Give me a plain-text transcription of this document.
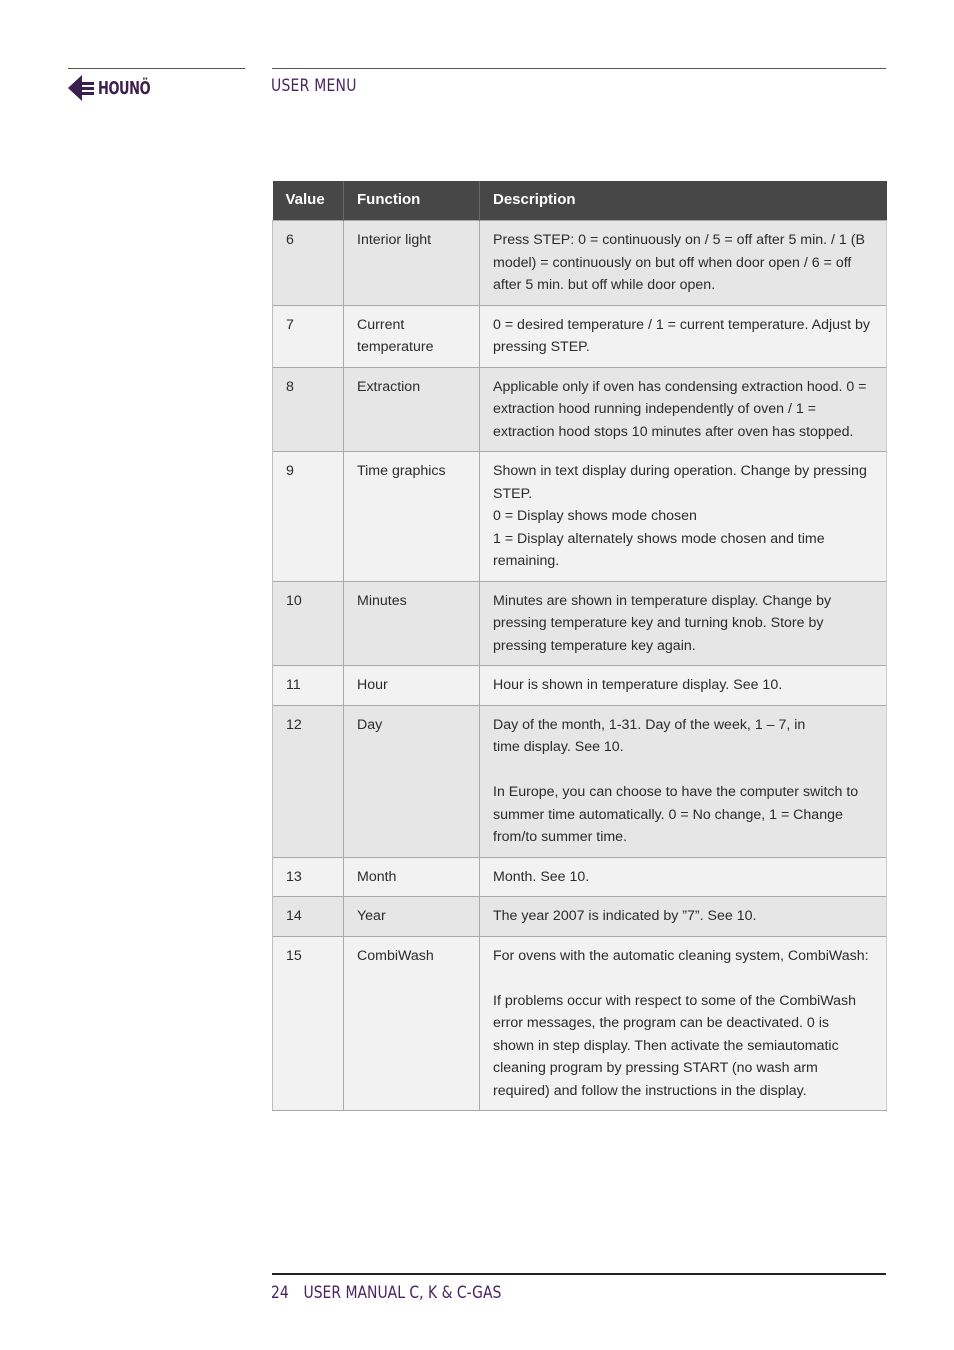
HOUNÖ	USER MENU
Value	Function	Description
6	Interior light	Press STEP: 0 = continuously on / 5 = off after 5 min. / 1 (B model) = continuously on but off when door open / 6 = off after 5 min. but off while door open.

7	Current temperature	0 = desired temperature / 1 = current temperature. Adjust by pressing STEP.

8	Extraction	Applicable only if oven has condensing extraction hood. 0 = extraction hood running independently of oven / 1 = extraction hood stops 10 minutes after oven has stopped.

9	Time graphics	Shown in text display during operation. Change by pressing STEP.
0 = Display shows mode chosen
1 = Display alternately shows mode chosen and time remaining.

10	Minutes	Minutes are shown in temperature display. Change by pressing temperature key and turning knob. Store by pressing temperature key again.

11	Hour	Hour is shown in temperature display. See 10.

12	Day	Day of the month, 1-31. Day of the week, 1 – 7, in
time display. See 10.
In Europe, you can choose to have the computer switch to summer time automatically. 0 = No change, 1 = Change from/to summer time.

13	Month	Month. See 10.

14	Year	The year 2007 is indicated by ”7”. See 10.

15	CombiWash	For ovens with the automatic cleaning system, CombiWash:
If problems occur with respect to some of the CombiWash error messages, the program can be deactivated. 0 is shown in step display. Then activate the semiautomatic cleaning program by pressing START (no wash arm required) and follow the instructions in the display.
24 USER MANUAL C, K & C-GAS
